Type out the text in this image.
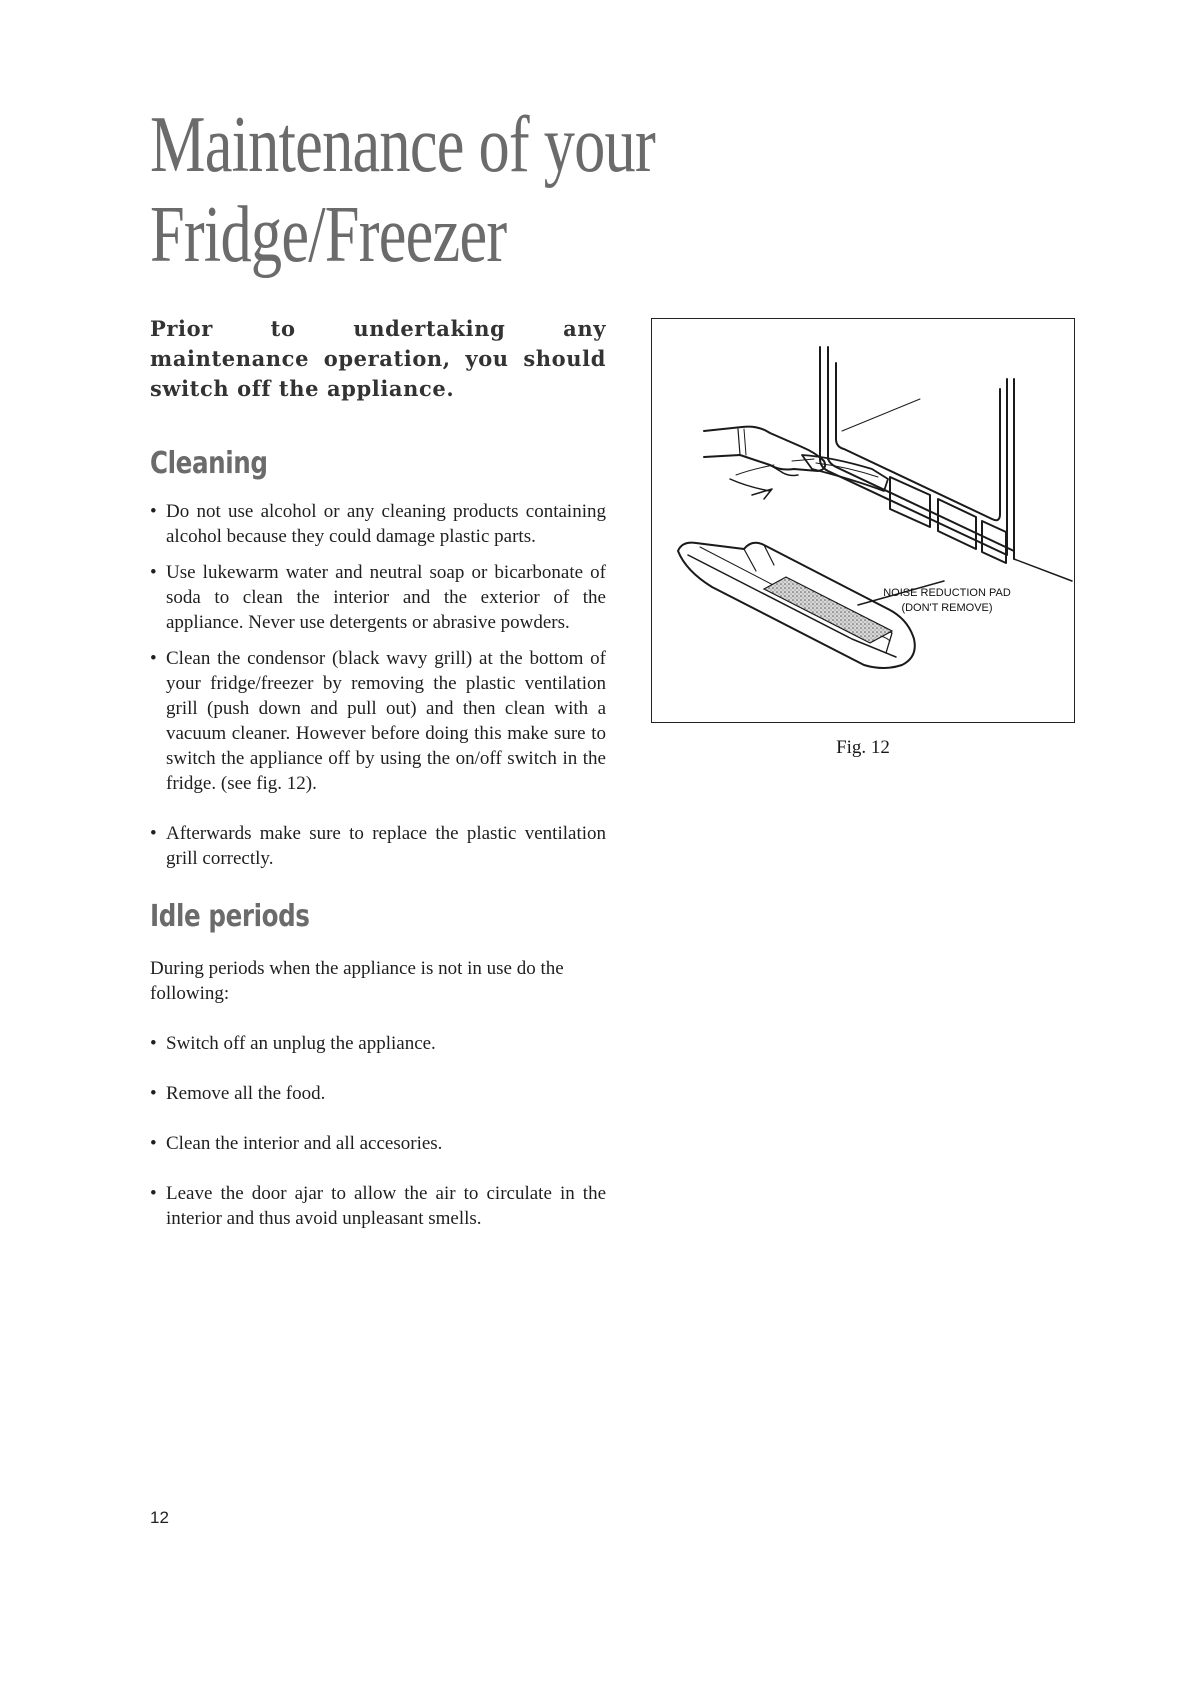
Maintenance of your
Fridge/Freezer

Prior to undertaking any maintenance operation, you should switch off the appliance.

Cleaning
• Do not use alcohol or any cleaning products containing alcohol because they could damage plastic parts.
• Use lukewarm water and neutral soap or bicarbonate of soda to clean the interior and the exterior of the appliance. Never use detergents or abrasive powders.
• Clean the condensor (black wavy grill) at the bottom of your fridge/freezer by removing the plastic ventilation grill (push down and pull out) and then clean with a vacuum cleaner. However before doing this make sure to switch the appliance off by using the on/off switch in the fridge. (see fig. 12).
• Afterwards make sure to replace the plastic ventilation grill correctly.
Idle periods

During periods when the appliance is not in use do the following:

• Switch off an unplug the appliance.
• Remove all the food.
• Clean the interior and all accesories.
• Leave the door ajar to allow the air to circulate in the interior and thus avoid unpleasant smells.
NOISE REDUCTION PAD
(DON'T REMOVE)
Fig. 12
12
